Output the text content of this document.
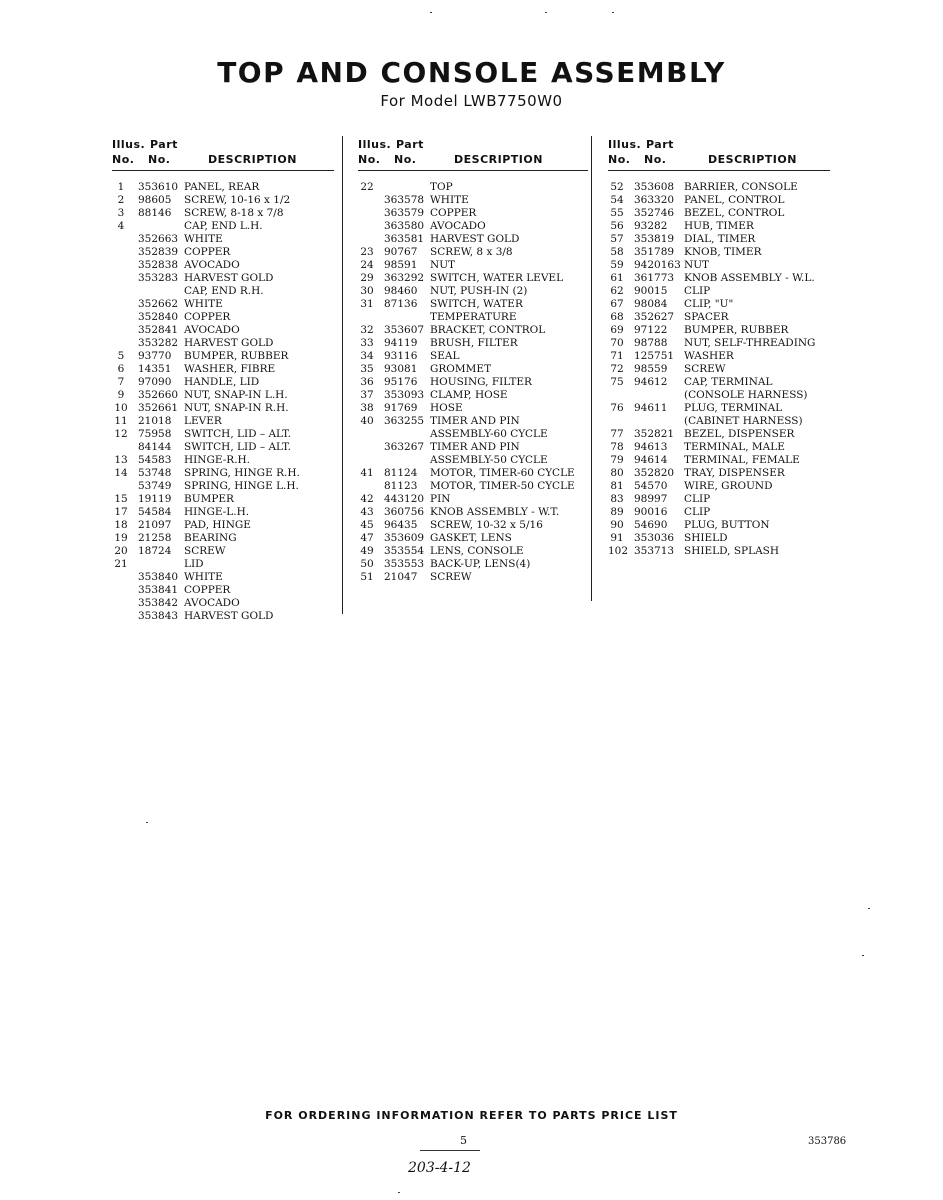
TOP AND CONSOLE ASSEMBLY
For Model LWB7750W0
Illus. Part
No. No.	DESCRIPTION
1	353610 PANEL, REAR
2	98605 SCREW, 10-16 x 1/2
3	88146 SCREW, 8-18 x 7/8
4	CAP, END L.H.
352663 WHITE
352839 COPPER
352838 AVOCADO
353283 HARVEST GOLD
CAP, END R.H.
352662 WHITE
352840 COPPER
352841 AVOCADO
353282 HARVEST GOLD
5	93770 BUMPER, RUBBER
6	14351 WASHER, FIBRE
7	97090 HANDLE, LID
9	352660 NUT, SNAP-IN L.H.
10 352661 NUT, SNAP-IN R.H.
11 21018 LEVER
12 75958 SWITCH, LID – ALT.
84144 SWITCH, LID – ALT.
13 54583 HINGE-R.H.
14 53748 SPRING, HINGE R.H.
53749 SPRING, HINGE L.H.
15 19119 BUMPER
17 54584 HINGE-L.H.
18 21097 PAD, HINGE
19 21258 BEARING
20 18724 SCREW
21	LID
353840 WHITE
353841 COPPER
353842 AVOCADO
353843 HARVEST GOLD
Illus. Part
No. No.	DESCRIPTION
22	TOP
363578 WHITE
363579 COPPER
363580 AVOCADO
363581 HARVEST GOLD
23 90767 SCREW, 8 x 3/8
24 98591 NUT
29 363292 SWITCH, WATER LEVEL
30 98460 NUT, PUSH-IN (2)
31 87136 SWITCH, WATER
TEMPERATURE
32 353607 BRACKET, CONTROL
33 94119 BRUSH, FILTER
34 93116 SEAL
35 93081 GROMMET
36 95176 HOUSING, FILTER
37 353093 CLAMP, HOSE
38 91769 HOSE
40 363255 TIMER AND PIN
ASSEMBLY-60 CYCLE
363267 TIMER AND PIN
ASSEMBLY-50 CYCLE
41 81124 MOTOR, TIMER-60 CYCLE
81123 MOTOR, TIMER-50 CYCLE
42 443120 PIN
43 360756 KNOB ASSEMBLY - W.T.
45 96435 SCREW, 10-32 x 5/16
47 353609 GASKET, LENS
49 353554 LENS, CONSOLE
50 353553 BACK-UP, LENS(4)
51 21047 SCREW
Illus. Part
No. No.	DESCRIPTION
52 353608 BARRIER, CONSOLE
54 363320 PANEL, CONTROL
55 352746 BEZEL, CONTROL
56 93282 HUB, TIMER
57 353819 DIAL, TIMER
58 351789 KNOB, TIMER
59 9420163 NUT
61 361773 KNOB ASSEMBLY - W.L.
62 90015 CLIP
67 98084 CLIP, "U"
68 352627 SPACER
69 97122 BUMPER, RUBBER
70 98788 NUT, SELF-THREADING
71 125751 WASHER
72 98559 SCREW
75 94612 CAP, TERMINAL
(CONSOLE HARNESS)
76 94611 PLUG, TERMINAL
(CABINET HARNESS)
77 352821 BEZEL, DISPENSER
78 94613 TERMINAL, MALE
79 94614 TERMINAL, FEMALE
80 352820 TRAY, DISPENSER
81 54570 WIRE, GROUND
83 98997 CLIP
89 90016 CLIP
90 54690 PLUG, BUTTON
91 353036 SHIELD
102 353713 SHIELD, SPLASH
FOR ORDERING INFORMATION REFER TO PARTS PRICE LIST
5	353786
203-4-12
